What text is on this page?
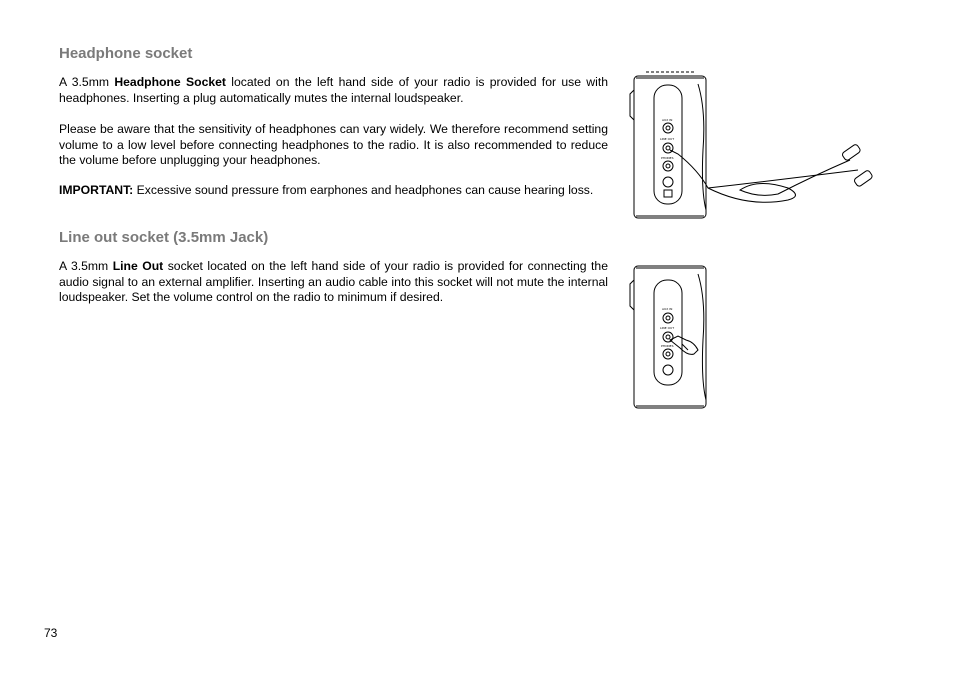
Headphone socket

A 3.5mm Headphone Socket located on the left hand side of your radio is provided for use with headphones. Inserting a plug automatically mutes the internal loudspeaker.

Please be aware that the sensitivity of headphones can vary widely. We therefore recommend setting volume to a low level before connecting headphones to the radio. It is also recommended to reduce the volume before unplugging your headphones.

IMPORTANT: Excessive sound pressure from earphones and headphones can cause hearing loss.

Line out socket (3.5mm Jack)

A 3.5mm Line Out socket located on the left hand side of your radio is provided for connecting the audio signal to an external amplifier. Inserting an audio cable into this socket will not mute the internal loudspeaker. Set the volume control on the radio to minimum if desired.

AUX IN
LINE OUT
PHONES
AUX IN
LINE OUT
PHONES
73
